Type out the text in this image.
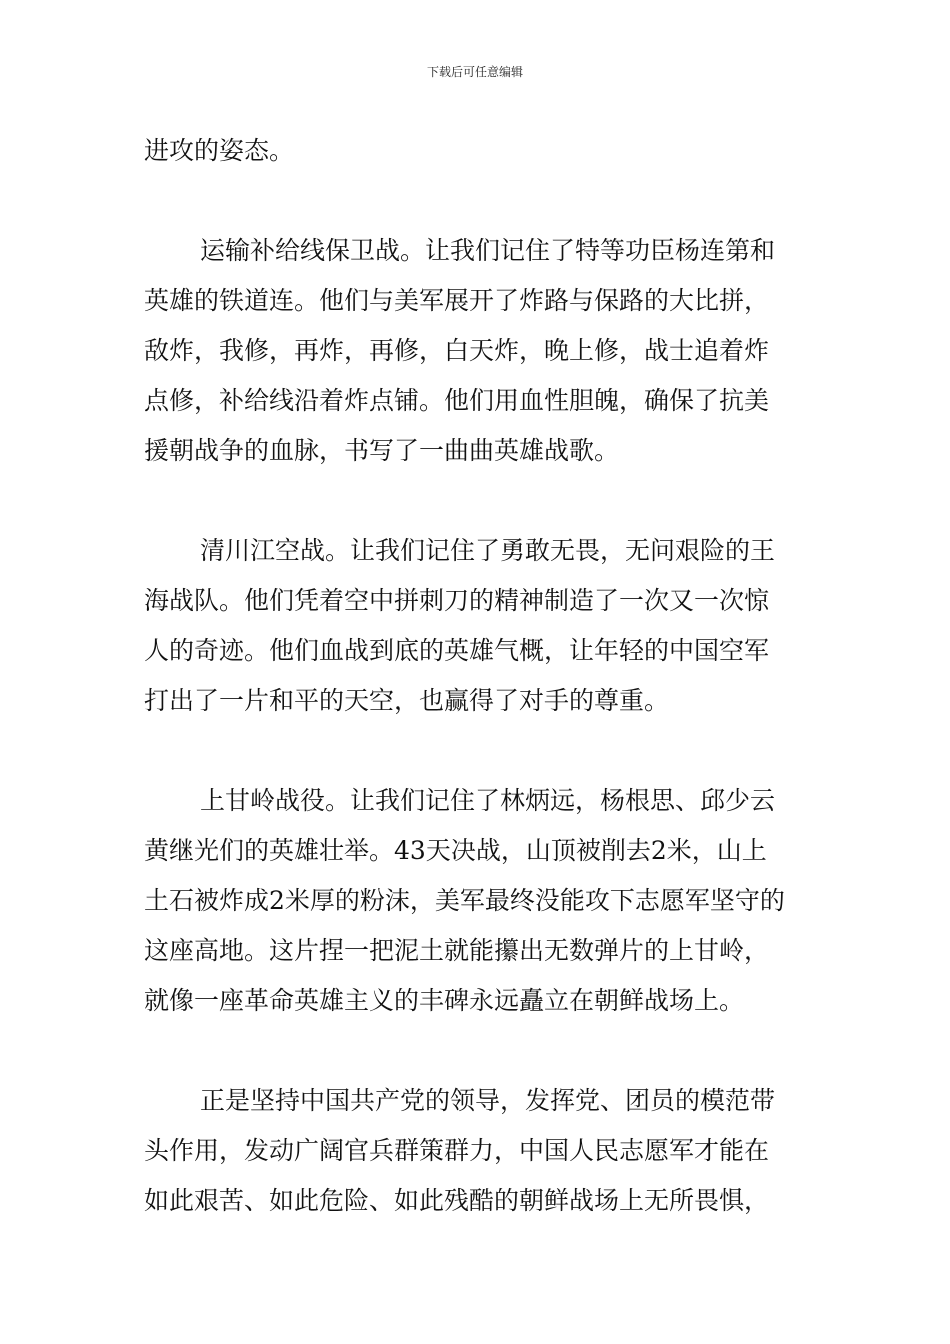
下载后可任意编辑
进攻的姿态。
运输补给线保卫战。让我们记住了特等功臣杨连第和
英雄的铁道连。他们与美军展开了炸路与保路的大比拼，
敌炸，我修，再炸，再修，白天炸，晚上修，战士追着炸
点修，补给线沿着炸点铺。他们用血性胆魄，确保了抗美
援朝战争的血脉，书写了一曲曲英雄战歌。
清川江空战。让我们记住了勇敢无畏，无问艰险的王
海战队。他们凭着空中拼刺刀的精神制造了一次又一次惊
人的奇迹。他们血战到底的英雄气概，让年轻的中国空军
打出了一片和平的天空，也赢得了对手的尊重。
上甘岭战役。让我们记住了林炳远，杨根思、邱少云
黄继光们的英雄壮举。43天决战，山顶被削去2米，山上
土石被炸成2米厚的粉沫，美军最终没能攻下志愿军坚守的
这座高地。这片捏一把泥土就能攥出无数弹片的上甘岭，
就像一座革命英雄主义的丰碑永远矗立在朝鲜战场上。
正是坚持中国共产党的领导，发挥党、团员的模范带
头作用，发动广阔官兵群策群力，中国人民志愿军才能在
如此艰苦、如此危险、如此残酷的朝鲜战场上无所畏惧，
